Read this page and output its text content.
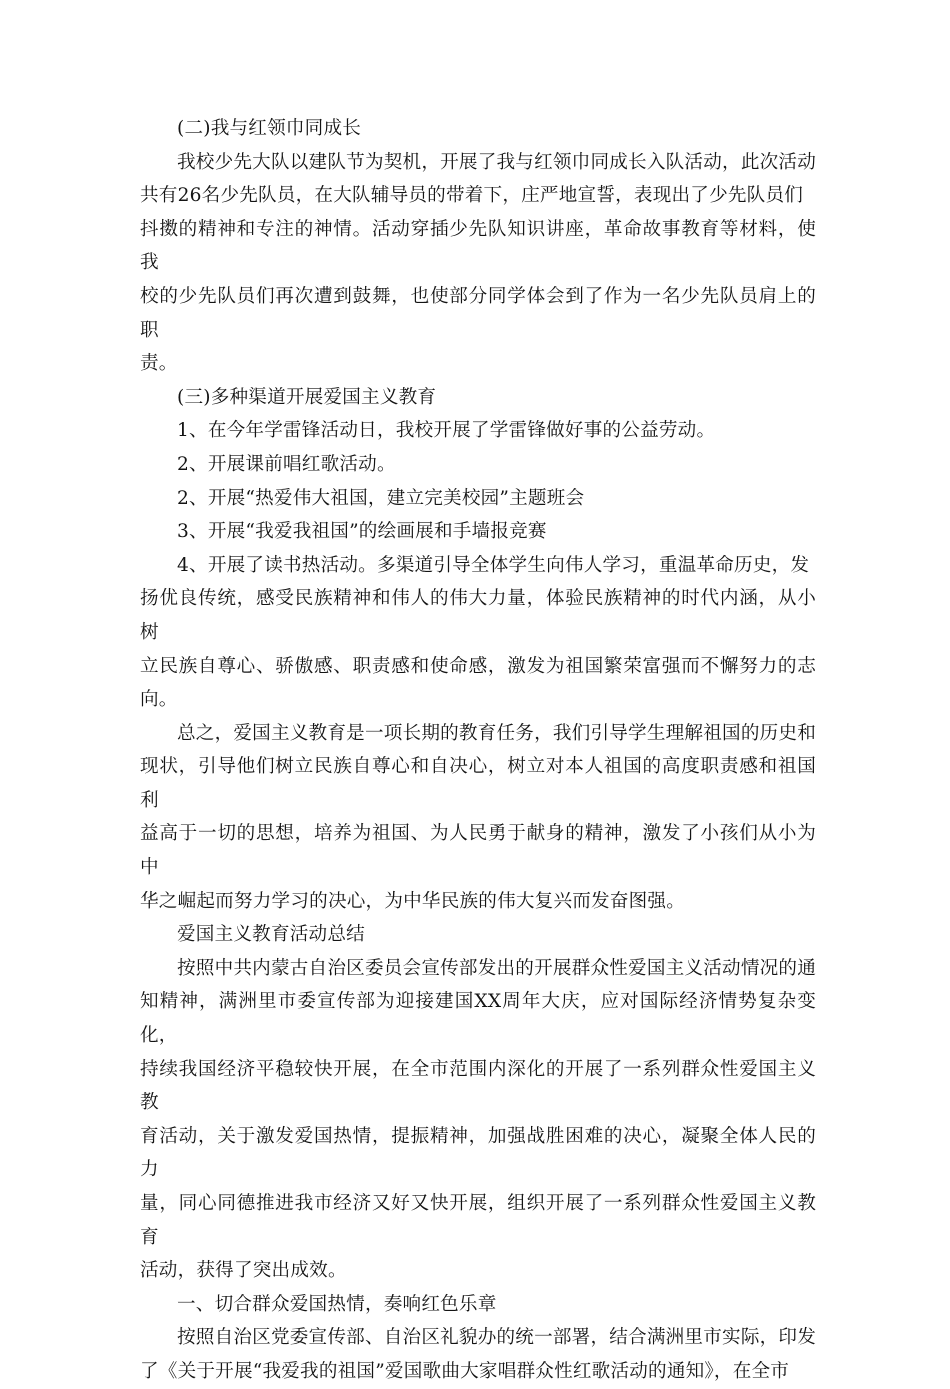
(二)我与红领巾同成长

我校少先大队以建队节为契机，开展了我与红领巾同成长入队活动，此次活动
共有26名少先队员，在大队辅导员的带着下，庄严地宣誓，表现出了少先队员们
抖擞的精神和专注的神情。活动穿插少先队知识讲座，革命故事教育等材料，使我
校的少先队员们再次遭到鼓舞，也使部分同学体会到了作为一名少先队员肩上的职
责。

(三)多种渠道开展爱国主义教育

1、在今年学雷锋活动日，我校开展了学雷锋做好事的公益劳动。

2、开展课前唱红歌活动。

2、开展“热爱伟大祖国，建立完美校园”主题班会

3、开展“我爱我祖国”的绘画展和手墙报竞赛

4、开展了读书热活动。多渠道引导全体学生向伟人学习，重温革命历史，发
扬优良传统，感受民族精神和伟人的伟大力量，体验民族精神的时代内涵，从小树
立民族自尊心、骄傲感、职责感和使命感，激发为祖国繁荣富强而不懈努力的志向。

总之，爱国主义教育是一项长期的教育任务，我们引导学生理解祖国的历史和
现状，引导他们树立民族自尊心和自决心，树立对本人祖国的高度职责感和祖国利
益高于一切的思想，培养为祖国、为人民勇于献身的精神，激发了小孩们从小为中
华之崛起而努力学习的决心，为中华民族的伟大复兴而发奋图强。

爱国主义教育活动总结

按照中共内蒙古自治区委员会宣传部发出的开展群众性爱国主义活动情况的通
知精神，满洲里市委宣传部为迎接建国XX周年大庆，应对国际经济情势复杂变化，
持续我国经济平稳较快开展，在全市范围内深化的开展了一系列群众性爱国主义教
育活动，关于激发爱国热情，提振精神，加强战胜困难的决心，凝聚全体人民的力
量，同心同德推进我市经济又好又快开展，组织开展了一系列群众性爱国主义教育
活动，获得了突出成效。

一、切合群众爱国热情，奏响红色乐章

按照自治区党委宣传部、自治区礼貌办的统一部署，结合满洲里市实际，印发
了《关于开展“我爱我的祖国”爱国歌曲大家唱群众性红歌活动的通知》，在全市
